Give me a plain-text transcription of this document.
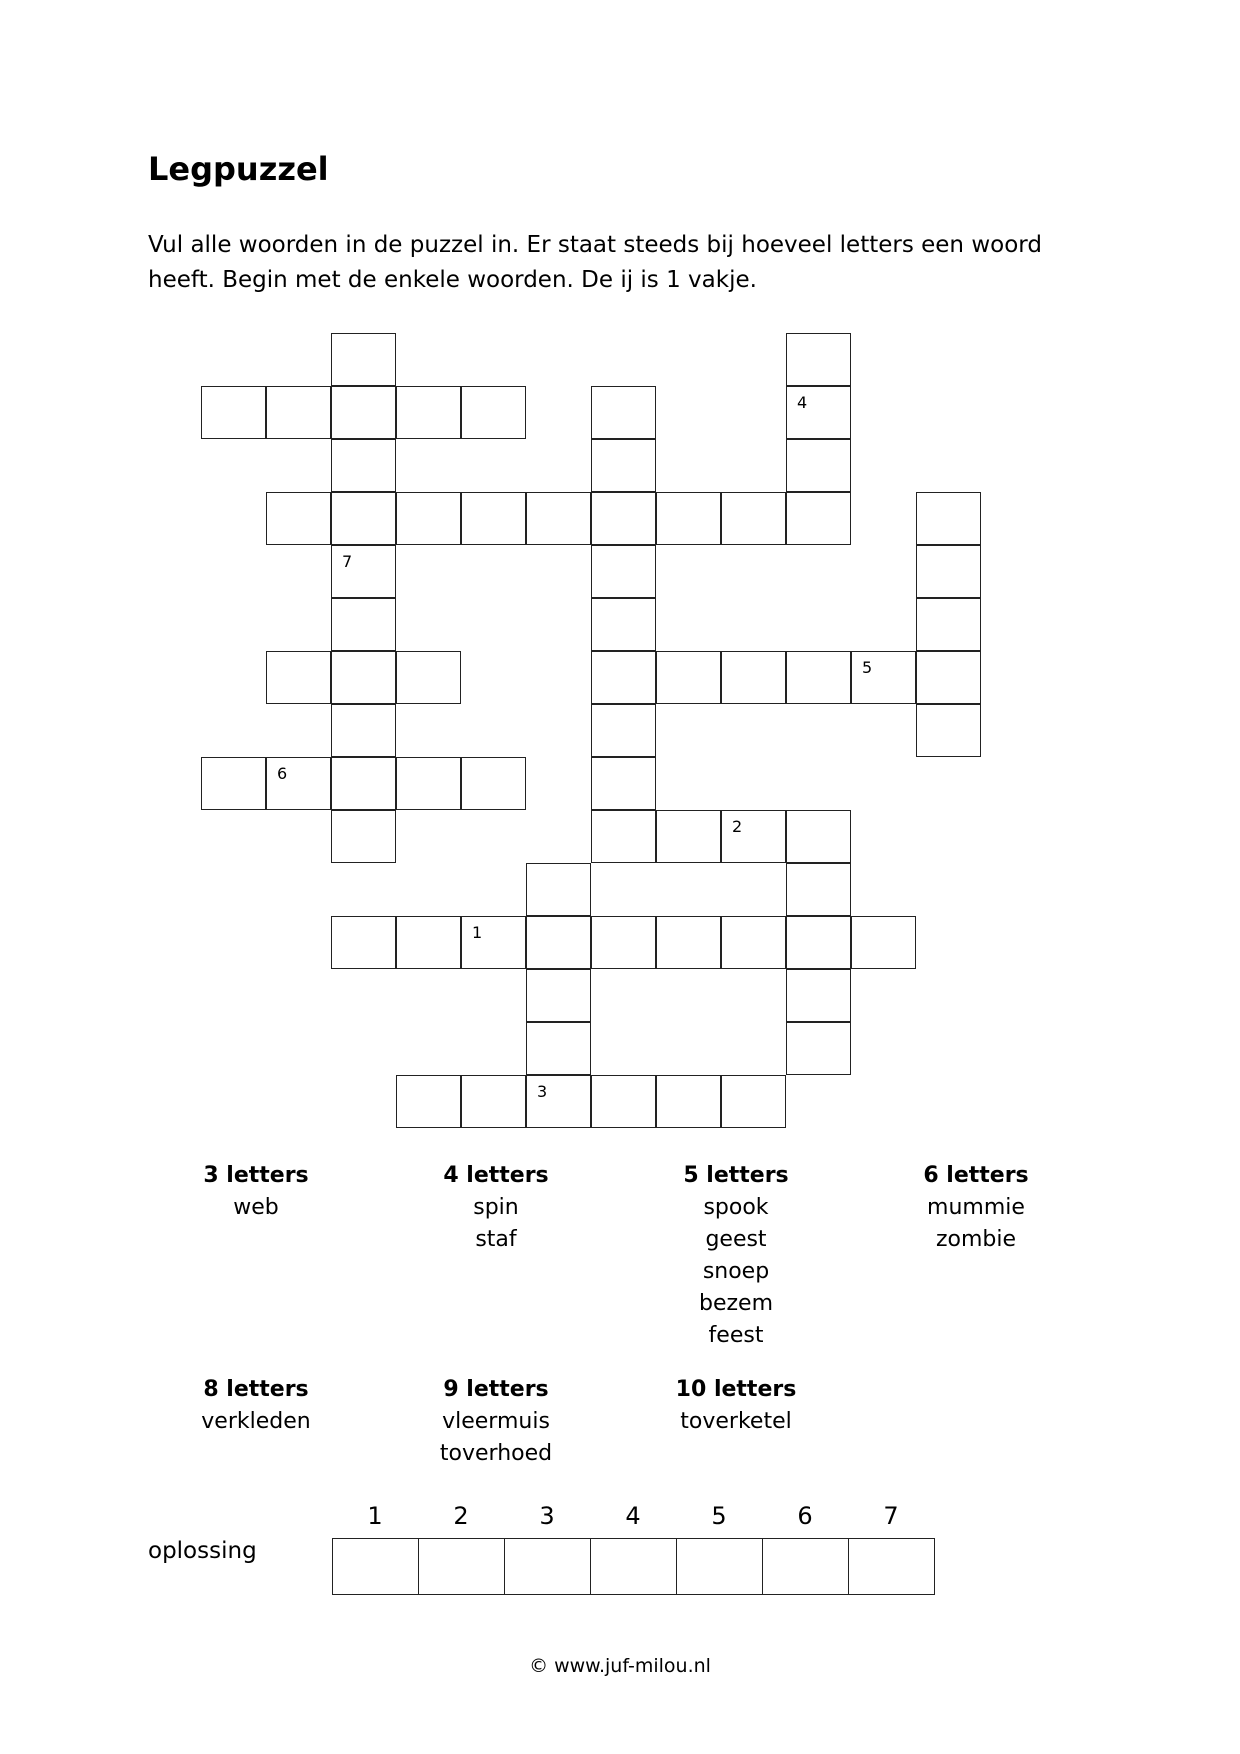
Legpuzzel

Vul alle woorden in de puzzel in. Er staat steeds bij hoeveel letters een woord heeft. Begin met de enkele woorden. De ij is 1 vakje.

4
7
5
6
2
1
3
3 letters
web
4 letters
spin
staf
5 letters
spook
geest
snoep
bezem
feest
6 letters
mummie
zombie
8 letters
verkleden
9 letters
vleermuis
toverhoed
10 letters
toverketel
oplossing
1	2	3	4	5	6	7
© www.juf-milou.nl
